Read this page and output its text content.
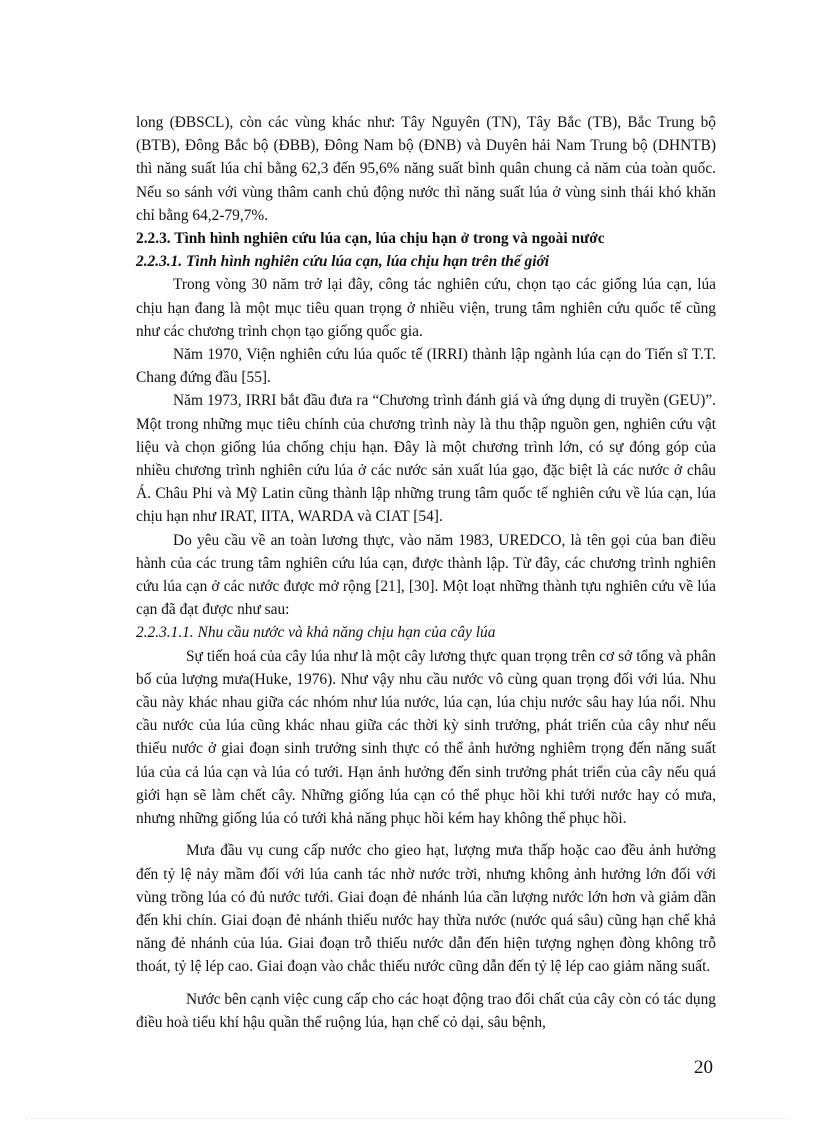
long (ĐBSCL), còn các vùng khác như: Tây Nguyên (TN), Tây Bắc (TB), Bắc Trung bộ (BTB), Đông Bắc bộ (ĐBB), Đông Nam bộ (ĐNB) và Duyên hải Nam Trung bộ (DHNTB) thì năng suất lúa chỉ bằng 62,3 đến 95,6% năng suất bình quân chung cả năm của toàn quốc. Nếu so sánh với vùng thâm canh chủ động nước thì năng suất lúa ở vùng sinh thái khó khăn chỉ bằng 64,2-79,7%.

2.2.3. Tình hình nghiên cứu lúa cạn, lúa chịu hạn ở trong và ngoài nước

2.2.3.1. Tình hình nghiên cứu lúa cạn, lúa chịu hạn trên thế giới

Trong vòng 30 năm trở lại đây, công tác nghiên cứu, chọn tạo các giống lúa cạn, lúa chịu hạn đang là một mục tiêu quan trọng ở nhiều viện, trung tâm nghiên cứu quốc tế cũng như các chương trình chọn tạo giống quốc gia.

Năm 1970, Viện nghiên cứu lúa quốc tế (IRRI) thành lập ngành lúa cạn do Tiến sĩ T.T. Chang đứng đầu [55].

Năm 1973, IRRI bắt đầu đưa ra “Chương trình đánh giá và ứng dụng di truyền (GEU)”. Một trong những mục tiêu chính của chương trình này là thu thập nguồn gen, nghiên cứu vật liệu và chọn giống lúa chống chịu hạn. Đây là một chương trình lớn, có sự đóng góp của nhiều chương trình nghiên cứu lúa ở các nước sản xuất lúa gạo, đặc biệt là các nước ở châu Á. Châu Phi và Mỹ Latin cũng thành lập những trung tâm quốc tế nghiên cứu về lúa cạn, lúa chịu hạn như IRAT, IITA, WARDA và CIAT [54].

Do yêu cầu về an toàn lương thực, vào năm 1983, UREDCO, là tên gọi của ban điều hành của các trung tâm nghiên cứu lúa cạn, được thành lập. Từ đây, các chương trình nghiên cứu lúa cạn ở các nước được mở rộng [21], [30]. Một loạt những thành tựu nghiên cứu về lúa cạn đã đạt được như sau:

2.2.3.1.1. Nhu cầu nước và khả năng chịu hạn của cây lúa

Sự tiến hoá của cây lúa như là một cây lương thực quan trọng trên cơ sở tổng và phân bố của lượng mưa(Huke, 1976). Như vậy nhu cầu nước vô cùng quan trọng đối với lúa. Nhu cầu này khác nhau giữa các nhóm như lúa nước, lúa cạn, lúa chịu nước sâu hay lúa nổi. Nhu cầu nước của lúa cũng khác nhau giữa các thời kỳ sinh trưởng, phát triển của cây như nếu thiếu nước ở giai đoạn sinh trưởng sinh thực có thể ảnh hưởng nghiêm trọng đến năng suất lúa của cả lúa cạn và lúa có tưới. Hạn ảnh hưởng đến sinh trưởng phát triển của cây nếu quá giới hạn sẽ làm chết cây. Những giống lúa cạn có thể phục hồi khi tưới nước hay có mưa, nhưng những giống lúa có tưới khả năng phục hồi kém hay không thể phục hồi.

Mưa đầu vụ cung cấp nước cho gieo hạt, lượng mưa thấp hoặc cao đều ảnh hưởng đến tỷ lệ nảy mầm đối với lúa canh tác nhờ nước trời, nhưng không ảnh hưởng lớn đối với vùng trồng lúa có đủ nước tưới. Giai đoạn đẻ nhánh lúa cần lượng nước lớn hơn và giảm dần đến khi chín. Giai đoạn đẻ nhánh thiếu nước hay thừa nước (nước quá sâu) cũng hạn chế khả năng đẻ nhánh của lúa. Giai đoạn trỗ thiếu nước dẫn đến hiện tượng nghẹn đòng không trỗ thoát, tỷ lệ lép cao. Giai đoạn vào chắc thiếu nước cũng dẫn đến tỷ lệ lép cao giảm năng suất.

Nước bên cạnh việc cung cấp cho các hoạt động trao đổi chất của cây còn có tác dụng điều hoà tiểu khí hậu quần thể ruộng lúa, hạn chế cỏ dại, sâu bệnh,

20
